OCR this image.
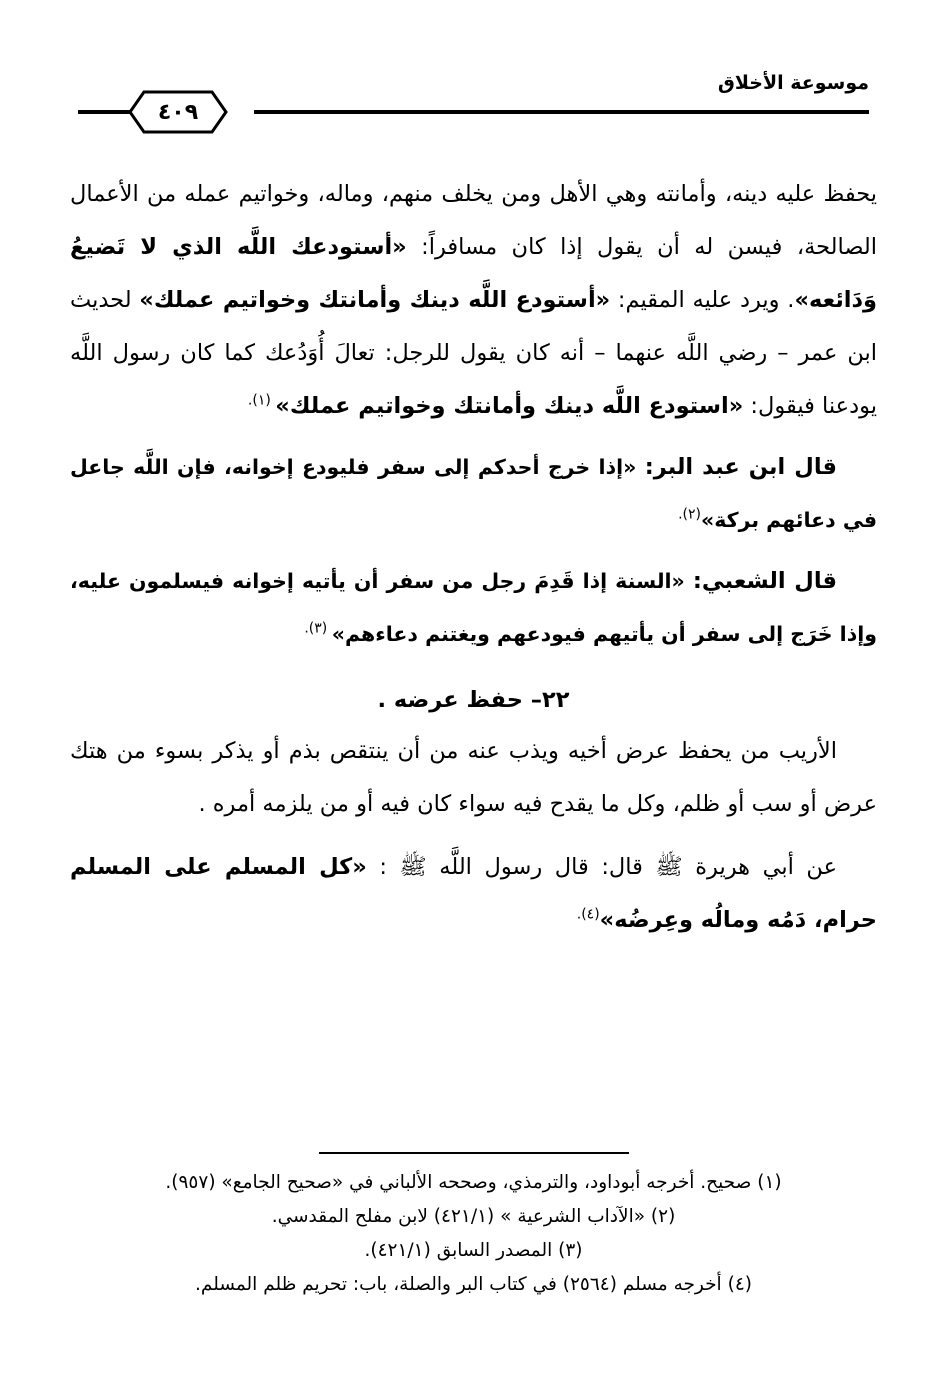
موسوعة الأخلاق
٤٠٩

يحفظ عليه دينه، وأمانته وهي الأهل ومن يخلف منهم، وماله، وخواتيم عمله من الأعمال الصالحة، فيسن له أن يقول إذا كان مسافراً: «أستودعك اللَّه الذي لا تَضيعُ وَدَائعه». ويرد عليه المقيم: «أستودع اللَّه دينك وأمانتك وخواتيم عملك» لحديث ابن عمر – رضي اللَّه عنهما – أنه كان يقول للرجل: تعالَ أُوَدُعك كما كان رسول اللَّه يودعنا فيقول: «استودع اللَّه دينك وأمانتك وخواتيم عملك» $^{(١).}$

قال ابن عبد البر: «إذا خرج أحدكم إلى سفر فليودع إخوانه، فإن اللَّه جاعل في دعائهم بركة»$^{(٢).}$

قال الشعبي: «السنة إذا قَدِمَ رجل من سفر أن يأتيه إخوانه فيسلمون عليه، وإذا خَرَج إلى سفر أن يأتيهم فيودعهم ويغتنم دعاءهم» $^{(٣).}$

٢٢– حفظ عرضه .

الأريب من يحفظ عرض أخيه ويذب عنه من أن ينتقص بذم أو يذكر بسوء من هتك عرض أو سب أو ظلم، وكل ما يقدح فيه سواء كان فيه أو من يلزمه أمره .

عن أبي هريرة ﷺ قال: قال رسول اللَّه ﷺ : «كل المسلم على المسلم حرام، دَمُه ومالُه وعِرضُه»$^{(٤).}$

(١) صحيح. أخرجه أبوداود، والترمذي، وصححه الألباني في «صحيح الجامع» (٩٥٧).

(٢) «الآداب الشرعية » (٤٢١/١) لابن مفلح المقدسي.

(٣) المصدر السابق (٤٢١/١).

(٤) أخرجه مسلم (٢٥٦٤) في كتاب البر والصلة، باب: تحريم ظلم المسلم.
